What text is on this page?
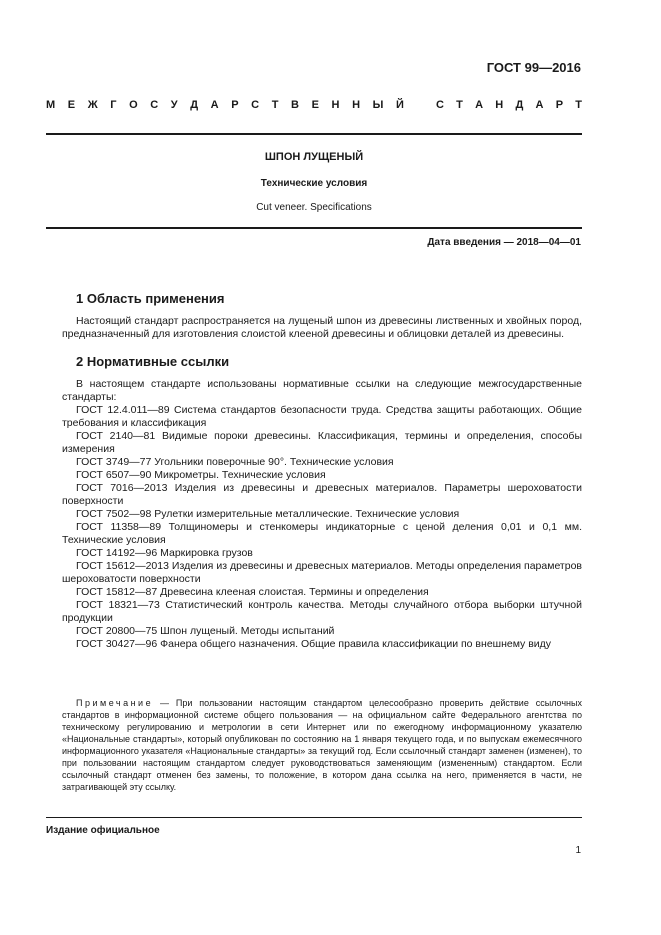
ГОСТ 99—2016
М Е Ж Г О С У Д А Р С Т В Е Н Н Ы Й	С Т А Н Д А Р Т
ШПОН ЛУЩЕНЫЙ
Технические условия
Cut veneer. Specifications
Дата введения — 2018—04—01
1 Область применения

Настоящий стандарт распространяется на лущеный шпон из древесины лиственных и хвойных пород, предназначенный для изготовления слоистой клееной древесины и облицовки деталей из древесины.

2 Нормативные ссылки

В настоящем стандарте использованы нормативные ссылки на следующие межгосударственные стандарты:

ГОСТ 12.4.011—89 Система стандартов безопасности труда. Средства защиты работающих. Общие требования и классификация

ГОСТ 2140—81 Видимые пороки древесины. Классификация, термины и определения, способы измерения

ГОСТ 3749—77 Угольники поверочные 90°. Технические условия

ГОСТ 6507—90 Микрометры. Технические условия

ГОСТ 7016—2013 Изделия из древесины и древесных материалов. Параметры шероховатости поверхности

ГОСТ 7502—98 Рулетки измерительные металлические. Технические условия

ГОСТ 11358—89 Толщиномеры и стенкомеры индикаторные с ценой деления 0,01 и 0,1 мм. Технические условия

ГОСТ 14192—96 Маркировка грузов

ГОСТ 15612—2013 Изделия из древесины и древесных материалов. Методы определения параметров шероховатости поверхности

ГОСТ 15812—87 Древесина клееная слоистая. Термины и определения

ГОСТ 18321—73 Статистический контроль качества. Методы случайного отбора выборки штучной продукции

ГОСТ 20800—75 Шпон лущеный. Методы испытаний

ГОСТ 30427—96 Фанера общего назначения. Общие правила классификации по внешнему виду

Примечание — При пользовании настоящим стандартом целесообразно проверить действие ссылочных стандартов в информационной системе общего пользования — на официальном сайте Федерального агентства по техническому регулированию и метрологии в сети Интернет или по ежегодному информационному указателю «Национальные стандарты», который опубликован по состоянию на 1 января текущего года, и по выпускам ежемесячного информационного указателя «Национальные стандарты» за текущий год. Если ссылочный стандарт заменен (изменен), то при пользовании настоящим стандартом следует руководствоваться заменяющим (измененным) стандартом. Если ссылочный стандарт отменен без замены, то положение, в котором дана ссылка на него, применяется в части, не затрагивающей эту ссылку.
Издание официальное
1
